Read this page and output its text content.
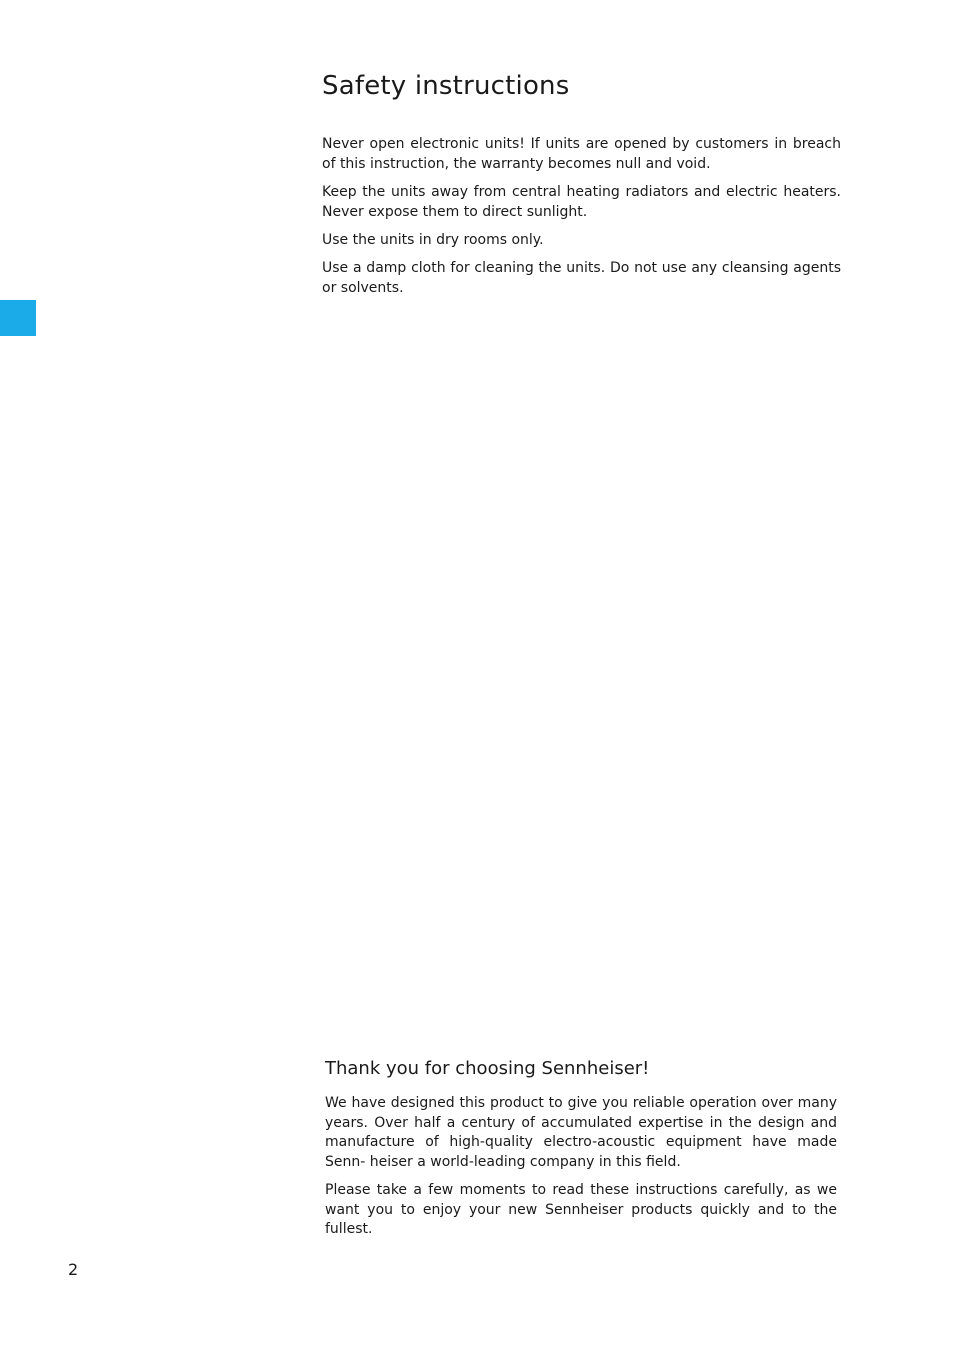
Safety instructions

Never open electronic units! If units are opened by customers in breach of this instruction, the warranty becomes null and void.

Keep the units away from central heating radiators and electric heaters. Never expose them to direct sunlight.

Use the units in dry rooms only.

Use a damp cloth for cleaning the units. Do not use any cleansing agents or solvents.

Thank you for choosing Sennheiser!

We have designed this product to give you reliable operation over many years. Over half a century of accumulated expertise in the design and manufacture of high-quality electro-acoustic equipment have made Senn- heiser a world-leading company in this field.

Please take a few moments to read these instructions carefully, as we want you to enjoy your new Sennheiser products quickly and to the fullest.

2
